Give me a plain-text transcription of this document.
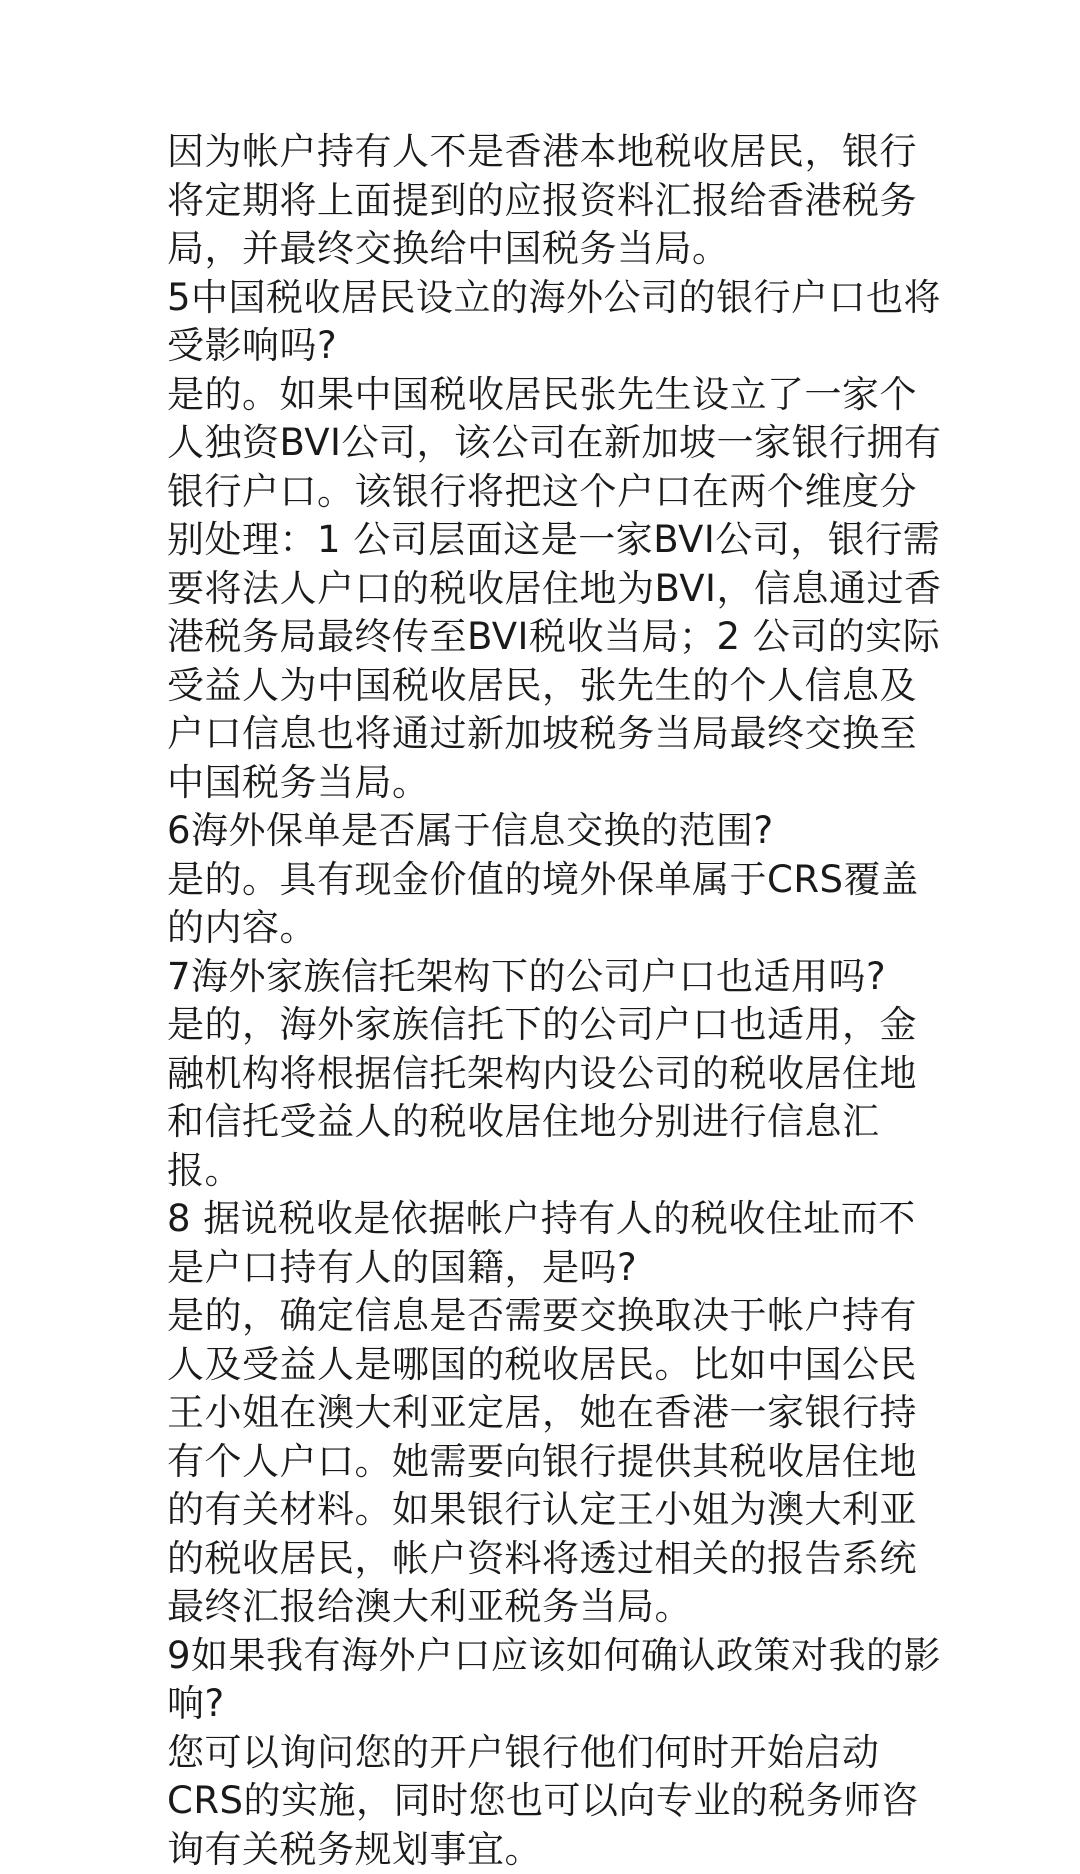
因为帐户持有人不是香港本地税收居民，银行
将定期将上面提到的应报资料汇报给香港税务
局，并最终交换给中国税务当局。
5中国税收居民设立的海外公司的银行户口也将
受影响吗?
是的。如果中国税收居民张先生设立了一家个
人独资BVI公司，该公司在新加坡一家银行拥有
银行户口。该银行将把这个户口在两个维度分
别处理：1 公司层面这是一家BVI公司，银行需
要将法人户口的税收居住地为BVI，信息通过香
港税务局最终传至BVI税收当局；2 公司的实际
受益人为中国税收居民，张先生的个人信息及
户口信息也将通过新加坡税务当局最终交换至
中国税务当局。
6海外保单是否属于信息交换的范围?
是的。具有现金价值的境外保单属于CRS覆盖
的内容。
7海外家族信托架构下的公司户口也适用吗?
是的，海外家族信托下的公司户口也适用，金
融机构将根据信托架构内设公司的税收居住地
和信托受益人的税收居住地分别进行信息汇
报。
8 据说税收是依据帐户持有人的税收住址而不
是户口持有人的国籍，是吗?
是的，确定信息是否需要交换取决于帐户持有
人及受益人是哪国的税收居民。比如中国公民
王小姐在澳大利亚定居，她在香港一家银行持
有个人户口。她需要向银行提供其税收居住地
的有关材料。如果银行认定王小姐为澳大利亚
的税收居民，帐户资料将透过相关的报告系统
最终汇报给澳大利亚税务当局。
9如果我有海外户口应该如何确认政策对我的影
响?
您可以询问您的开户银行他们何时开始启动
CRS的实施，同时您也可以向专业的税务师咨
询有关税务规划事宜。
